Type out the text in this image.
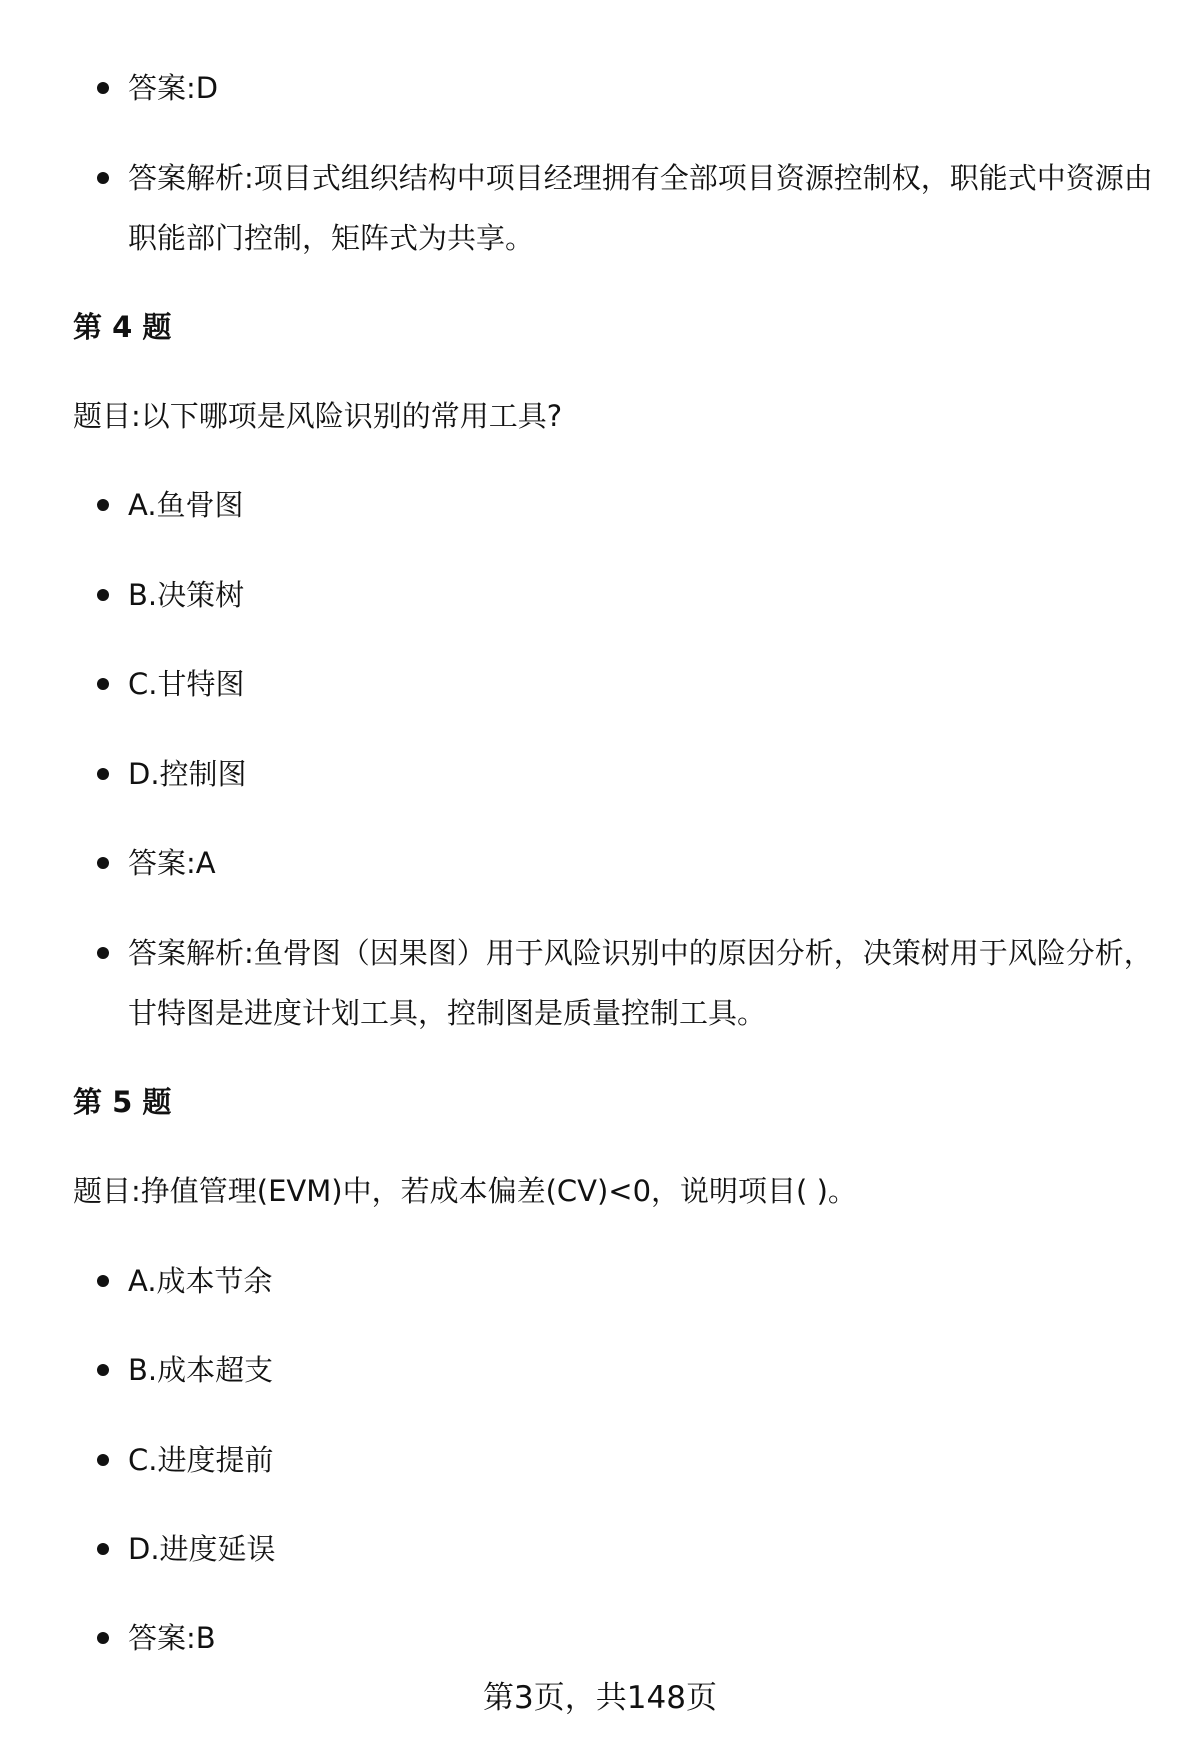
答案:D
答案解析:项目式组织结构中项目经理拥有全部项目资源控制权，职能式中资源由职能部门控制，矩阵式为共享。
第 4 题
题目:以下哪项是风险识别的常用工具?
A.鱼骨图
B.决策树
C.甘特图
D.控制图
答案:A
答案解析:鱼骨图（因果图）用于风险识别中的原因分析，决策树用于风险分析，甘特图是进度计划工具，控制图是质量控制工具。
第 5 题
题目:挣值管理(EVM)中，若成本偏差(CV)<0，说明项目( )。
A.成本节余
B.成本超支
C.进度提前
D.进度延误
答案:B
第3页，共148页
